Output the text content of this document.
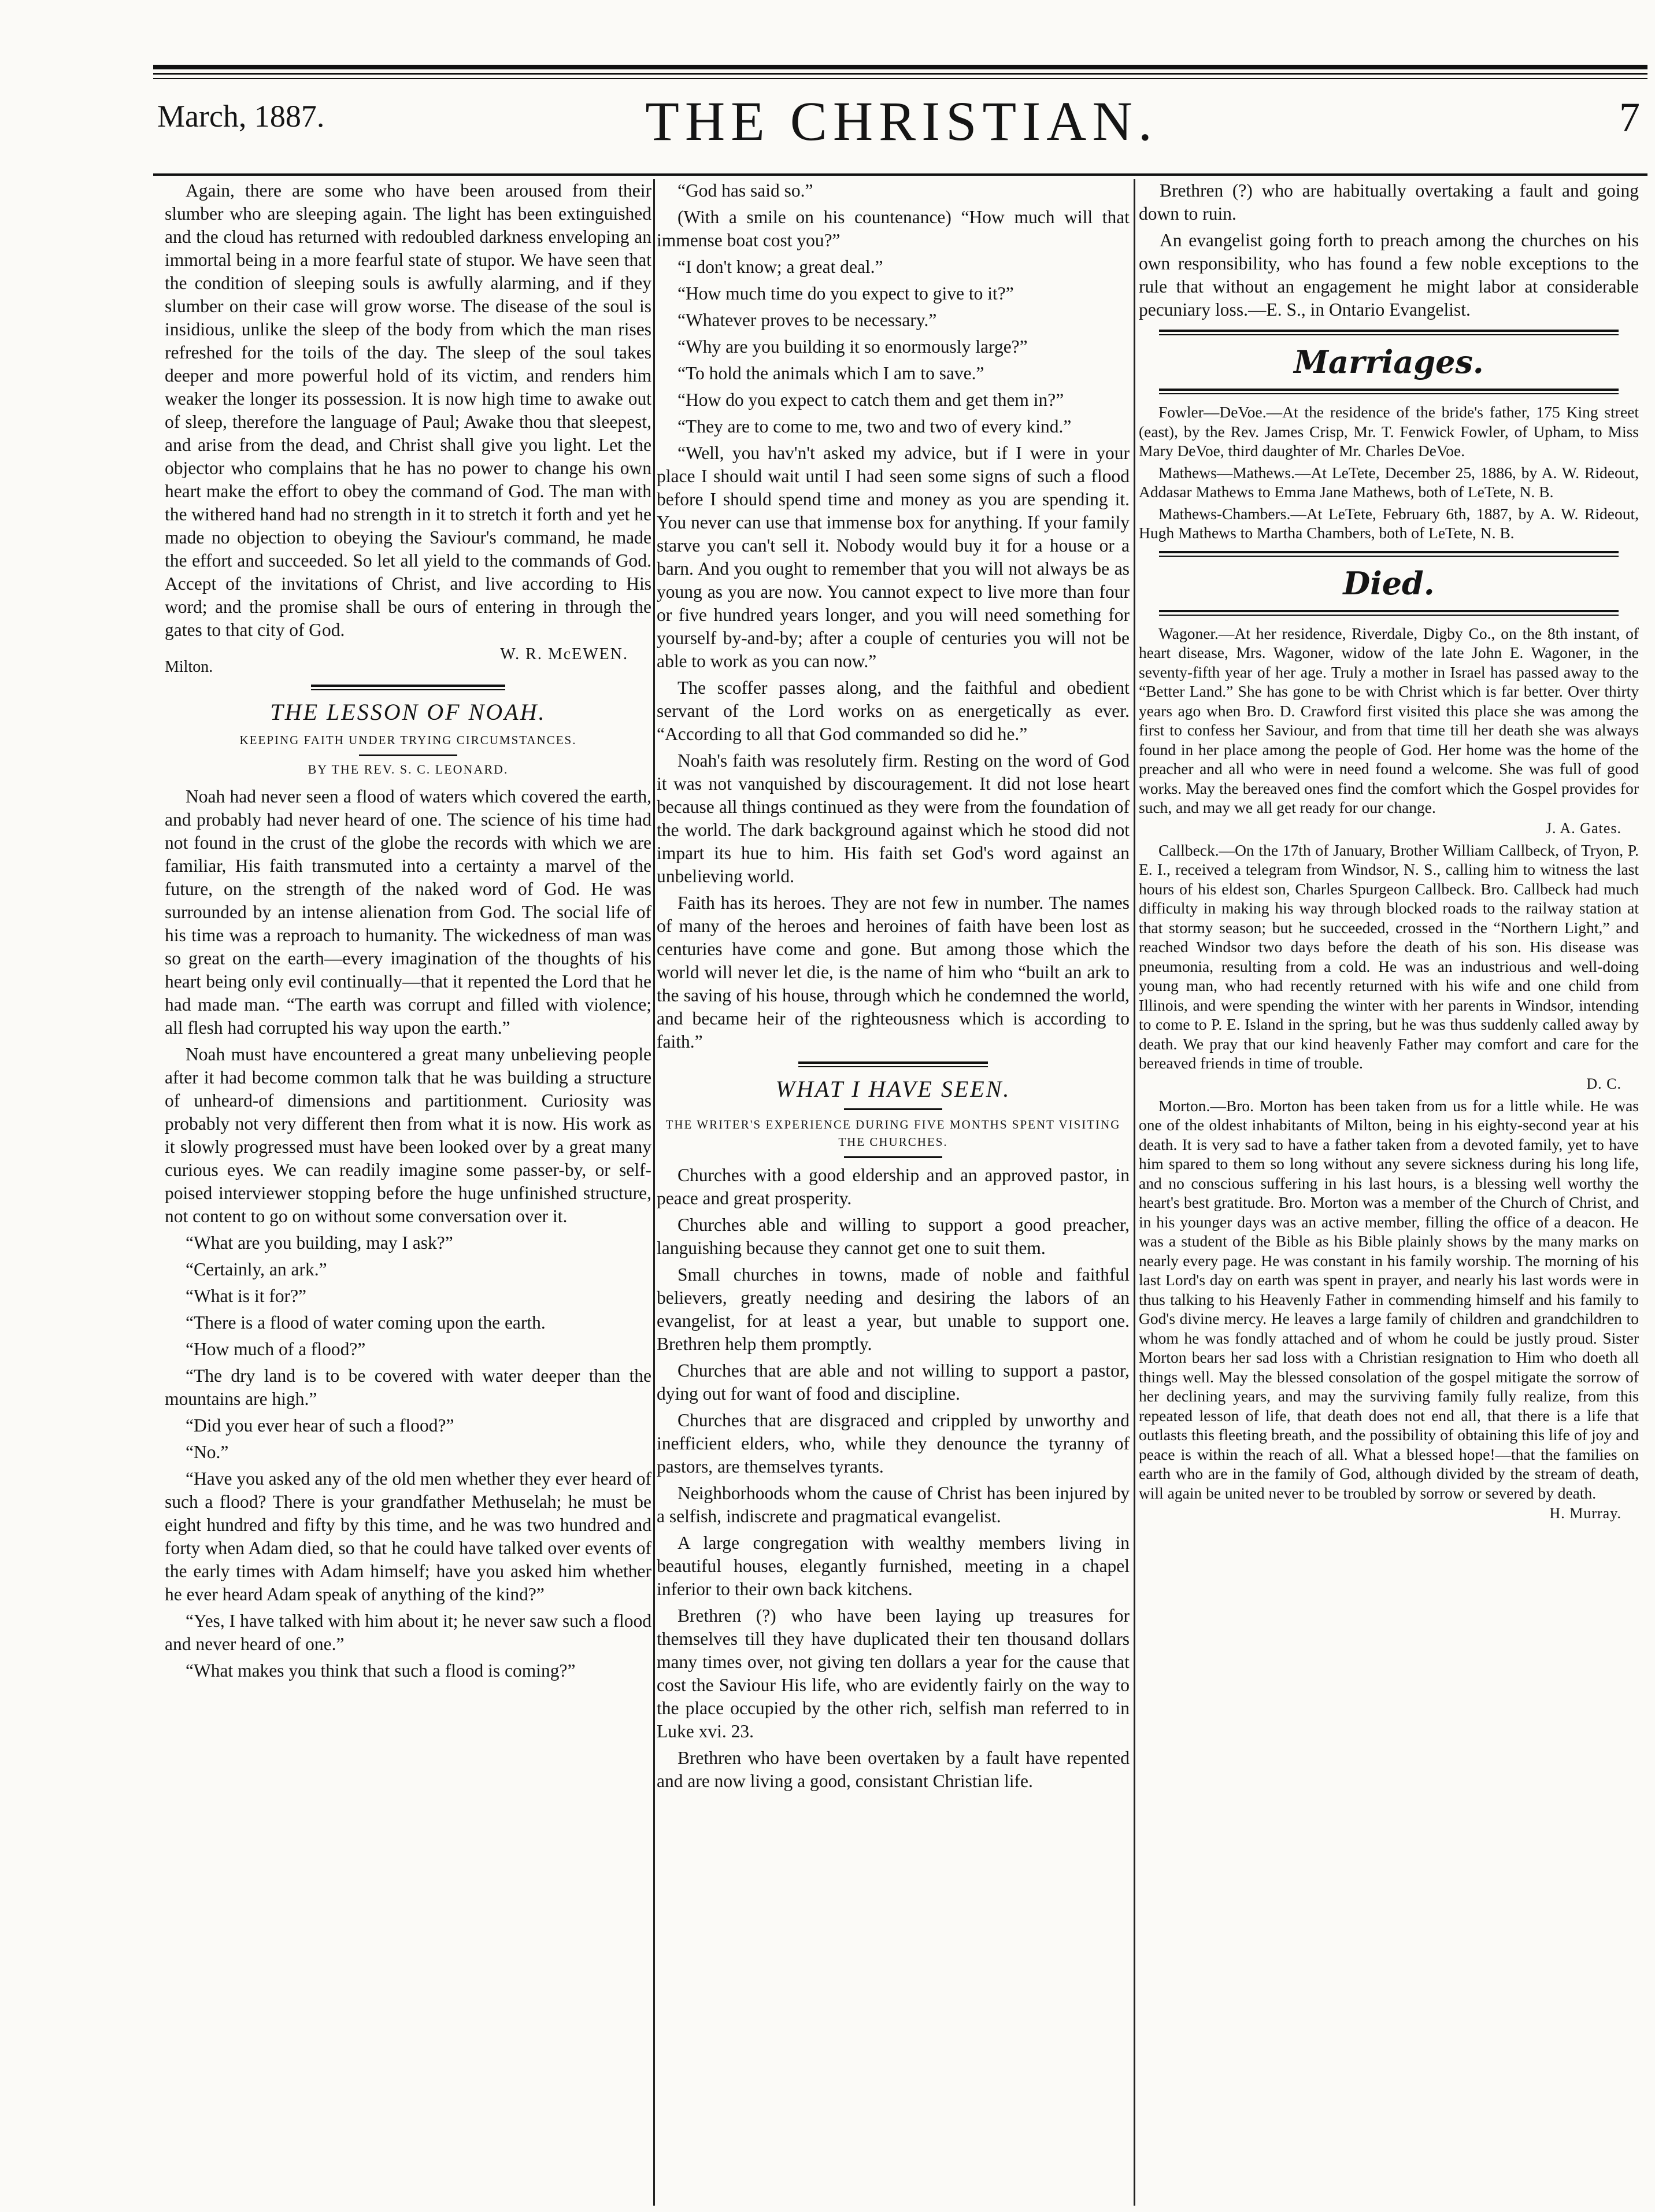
THE CHRISTIAN.
March, 1887.	7

Again, there are some who have been aroused from their slumber who are sleeping again. The light has been extinguished and the cloud has returned with redoubled darkness enveloping an immortal being in a more fearful state of stupor. We have seen that the condition of sleeping souls is awfully alarming, and if they slumber on their case will grow worse. The disease of the soul is insidious, unlike the sleep of the body from which the man rises refreshed for the toils of the day. The sleep of the soul takes deeper and more powerful hold of its victim, and renders him weaker the longer its possession. It is now high time to awake out of sleep, therefore the language of Paul; Awake thou that sleepest, and arise from the dead, and Christ shall give you light. Let the objector who complains that he has no power to change his own heart make the effort to obey the command of God. The man with the withered hand had no strength in it to stretch it forth and yet he made no objection to obeying the Saviour's command, he made the effort and succeeded. So let all yield to the commands of God. Accept of the invitations of Christ, and live according to His word; and the promise shall be ours of entering in through the gates to that city of God.

W. R. McEWEN.
Milton.
THE LESSON OF NOAH.
KEEPING FAITH UNDER TRYING CIRCUMSTANCES.
BY THE REV. S. C. LEONARD.

Noah had never seen a flood of waters which covered the earth, and probably had never heard of one. The science of his time had not found in the crust of the globe the records with which we are familiar, His faith transmuted into a certainty a marvel of the future, on the strength of the naked word of God. He was surrounded by an intense alienation from God. The social life of his time was a reproach to humanity. The wickedness of man was so great on the earth—every imagination of the thoughts of his heart being only evil continually—that it repented the Lord that he had made man. “The earth was corrupt and filled with violence; all flesh had corrupted his way upon the earth.”

Noah must have encountered a great many unbelieving people after it had become common talk that he was building a structure of unheard-of dimensions and partitionment. Curiosity was probably not very different then from what it is now. His work as it slowly progressed must have been looked over by a great many curious eyes. We can readily imagine some passer-by, or self-poised interviewer stopping before the huge unfinished structure, not content to go on without some conversation over it.

“What are you building, may I ask?”

“Certainly, an ark.”

“What is it for?”

“There is a flood of water coming upon the earth.

“How much of a flood?”

“The dry land is to be covered with water deeper than the mountains are high.”

“Did you ever hear of such a flood?”

“No.”

“Have you asked any of the old men whether they ever heard of such a flood? There is your grandfather Methuselah; he must be eight hundred and fifty by this time, and he was two hundred and forty when Adam died, so that he could have talked over events of the early times with Adam himself; have you asked him whether he ever heard Adam speak of anything of the kind?”

“Yes, I have talked with him about it; he never saw such a flood and never heard of one.”

“What makes you think that such a flood is coming?”

“God has said so.”

(With a smile on his countenance) “How much will that immense boat cost you?”

“I don't know; a great deal.”

“How much time do you expect to give to it?”

“Whatever proves to be necessary.”

“Why are you building it so enormously large?”

“To hold the animals which I am to save.”

“How do you expect to catch them and get them in?”

“They are to come to me, two and two of every kind.”

“Well, you hav'n't asked my advice, but if I were in your place I should wait until I had seen some signs of such a flood before I should spend time and money as you are spending it. You never can use that immense box for anything. If your family starve you can't sell it. Nobody would buy it for a house or a barn. And you ought to remember that you will not always be as young as you are now. You cannot expect to live more than four or five hundred years longer, and you will need something for yourself by-and-by; after a couple of centuries you will not be able to work as you can now.”

The scoffer passes along, and the faithful and obedient servant of the Lord works on as energetically as ever. “According to all that God commanded so did he.”

Noah's faith was resolutely firm. Resting on the word of God it was not vanquished by discouragement. It did not lose heart because all things continued as they were from the foundation of the world. The dark background against which he stood did not impart its hue to him. His faith set God's word against an unbelieving world.

Faith has its heroes. They are not few in number. The names of many of the heroes and heroines of faith have been lost as centuries have come and gone. But among those which the world will never let die, is the name of him who “built an ark to the saving of his house, through which he condemned the world, and became heir of the righteousness which is according to faith.”

WHAT I HAVE SEEN.
THE WRITER'S EXPERIENCE DURING FIVE MONTHS SPENT VISITING THE CHURCHES.

Churches with a good eldership and an approved pastor, in peace and great prosperity.

Churches able and willing to support a good preacher, languishing because they cannot get one to suit them.

Small churches in towns, made of noble and faithful believers, greatly needing and desiring the labors of an evangelist, for at least a year, but unable to support one. Brethren help them promptly.

Churches that are able and not willing to support a pastor, dying out for want of food and discipline.

Churches that are disgraced and crippled by unworthy and inefficient elders, who, while they denounce the tyranny of pastors, are themselves tyrants.

Neighborhoods whom the cause of Christ has been injured by a selfish, indiscrete and pragmatical evangelist.

A large congregation with wealthy members living in beautiful houses, elegantly furnished, meeting in a chapel inferior to their own back kitchens.

Brethren (?) who have been laying up treasures for themselves till they have duplicated their ten thousand dollars many times over, not giving ten dollars a year for the cause that cost the Saviour His life, who are evidently fairly on the way to the place occupied by the other rich, selfish man referred to in Luke xvi. 23.

Brethren who have been overtaken by a fault have repented and are now living a good, consistant Christian life.

Brethren (?) who are habitually overtaking a fault and going down to ruin.

An evangelist going forth to preach among the churches on his own responsibility, who has found a few noble exceptions to the rule that without an engagement he might labor at considerable pecuniary loss.—E. S., in Ontario Evangelist.

Marriages.

Fowler—DeVoe.—At the residence of the bride's father, 175 King street (east), by the Rev. James Crisp, Mr. T. Fenwick Fowler, of Upham, to Miss Mary DeVoe, third daughter of Mr. Charles DeVoe.

Mathews—Mathews.—At LeTete, December 25, 1886, by A. W. Rideout, Addasar Mathews to Emma Jane Mathews, both of LeTete, N. B.

Mathews-Chambers.—At LeTete, February 6th, 1887, by A. W. Rideout, Hugh Mathews to Martha Chambers, both of LeTete, N. B.

Died.

Wagoner.—At her residence, Riverdale, Digby Co., on the 8th instant, of heart disease, Mrs. Wagoner, widow of the late John E. Wagoner, in the seventy-fifth year of her age. Truly a mother in Israel has passed away to the “Better Land.” She has gone to be with Christ which is far better. Over thirty years ago when Bro. D. Crawford first visited this place she was among the first to confess her Saviour, and from that time till her death she was always found in her place among the people of God. Her home was the home of the preacher and all who were in need found a welcome. She was full of good works. May the bereaved ones find the comfort which the Gospel provides for such, and may we all get ready for our change.

J. A. Gates.

Callbeck.—On the 17th of January, Brother William Callbeck, of Tryon, P. E. I., received a telegram from Windsor, N. S., calling him to witness the last hours of his eldest son, Charles Spurgeon Callbeck. Bro. Callbeck had much difficulty in making his way through blocked roads to the railway station at that stormy season; but he succeeded, crossed in the “Northern Light,” and reached Windsor two days before the death of his son. His disease was pneumonia, resulting from a cold. He was an industrious and well-doing young man, who had recently returned with his wife and one child from Illinois, and were spending the winter with her parents in Windsor, intending to come to P. E. Island in the spring, but he was thus suddenly called away by death. We pray that our kind heavenly Father may comfort and care for the bereaved friends in time of trouble.

D. C.

Morton.—Bro. Morton has been taken from us for a little while. He was one of the oldest inhabitants of Milton, being in his eighty-second year at his death. It is very sad to have a father taken from a devoted family, yet to have him spared to them so long without any severe sickness during his long life, and no conscious suffering in his last hours, is a blessing well worthy the heart's best gratitude. Bro. Morton was a member of the Church of Christ, and in his younger days was an active member, filling the office of a deacon. He was a student of the Bible as his Bible plainly shows by the many marks on nearly every page. He was constant in his family worship. The morning of his last Lord's day on earth was spent in prayer, and nearly his last words were in thus talking to his Heavenly Father in commending himself and his family to God's divine mercy. He leaves a large family of children and grandchildren to whom he was fondly attached and of whom he could be justly proud. Sister Morton bears her sad loss with a Christian resignation to Him who doeth all things well. May the blessed consolation of the gospel mitigate the sorrow of her declining years, and may the surviving family fully realize, from this repeated lesson of life, that death does not end all, that there is a life that outlasts this fleeting breath, and the possibility of obtaining this life of joy and peace is within the reach of all. What a blessed hope!—that the families on earth who are in the family of God, although divided by the stream of death, will again be united never to be troubled by sorrow or severed by death.

H. Murray.
